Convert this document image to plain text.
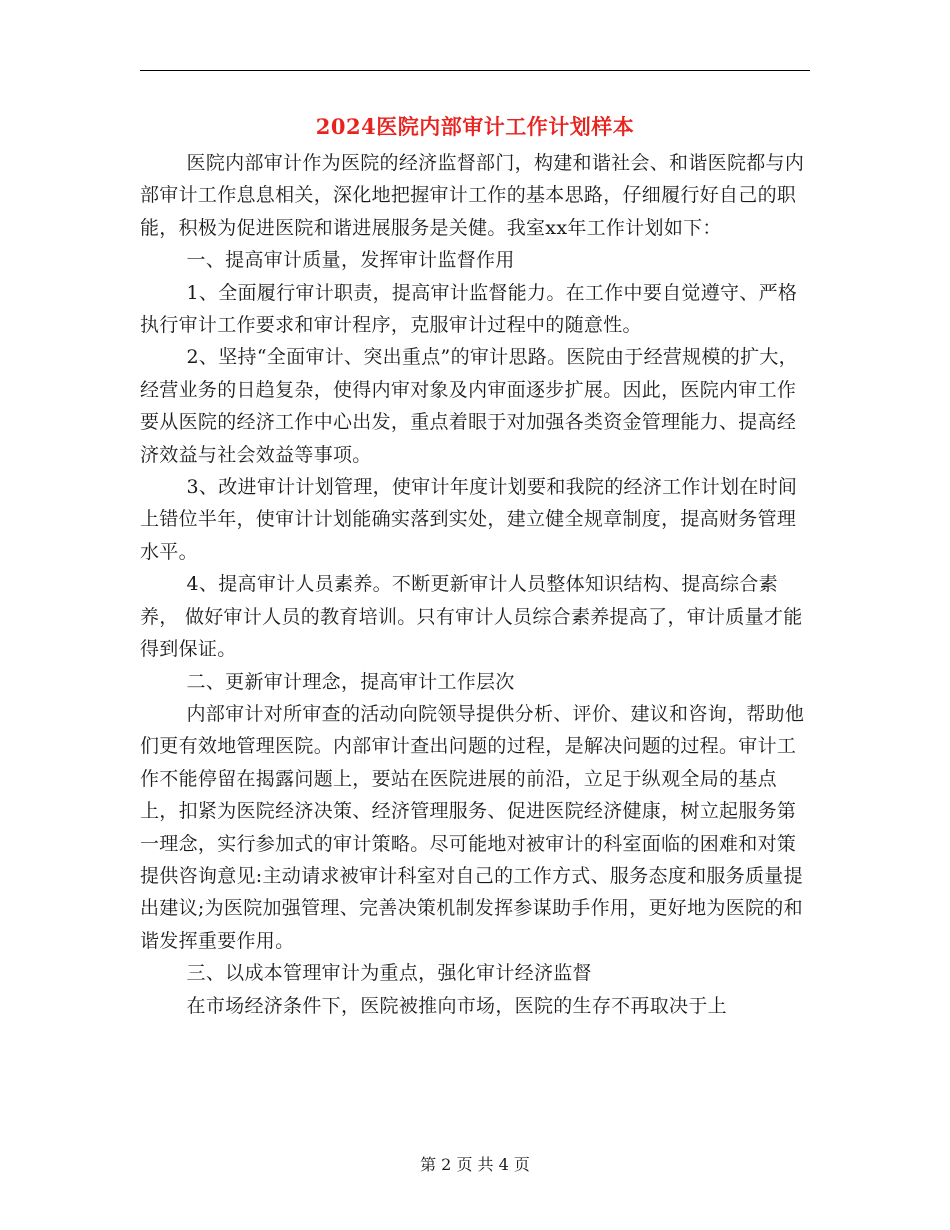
2024医院内部审计工作计划样本

医院内部审计作为医院的经济监督部门，构建和谐社会、和谐医院都与内部审计工作息息相关，深化地把握审计工作的基本思路，仔细履行好自己的职能，积极为促进医院和谐进展服务是关健。我室xx年工作计划如下：

一、提高审计质量，发挥审计监督作用

1、全面履行审计职责，提高审计监督能力。在工作中要自觉遵守、严格执行审计工作要求和审计程序，克服审计过程中的随意性。

2、坚持“全面审计、突出重点”的审计思路。医院由于经营规模的扩大，经营业务的日趋复杂，使得内审对象及内审面逐步扩展。因此，医院内审工作要从医院的经济工作中心出发，重点着眼于对加强各类资金管理能力、提高经济效益与社会效益等事项。

3、改进审计计划管理，使审计年度计划要和我院的经济工作计划在时间上错位半年，使审计计划能确实落到实处，建立健全规章制度，提高财务管理水平。

4、提高审计人员素养。不断更新审计人员整体知识结构、提高综合素养， 做好审计人员的教育培训。只有审计人员综合素养提高了，审计质量才能得到保证。

二、更新审计理念，提高审计工作层次

内部审计对所审查的活动向院领导提供分析、评价、建议和咨询，帮助他们更有效地管理医院。内部审计查出问题的过程，是解决问题的过程。审计工作不能停留在揭露问题上，要站在医院进展的前沿，立足于纵观全局的基点上，扣紧为医院经济决策、经济管理服务、促进医院经济健康，树立起服务第一理念，实行参加式的审计策略。尽可能地对被审计的科室面临的困难和对策提供咨询意见:主动请求被审计科室对自己的工作方式、服务态度和服务质量提出建议;为医院加强管理、完善决策机制发挥参谋助手作用，更好地为医院的和谐发挥重要作用。

三、以成本管理审计为重点，强化审计经济监督

在市场经济条件下，医院被推向市场，医院的生存不再取决于上

第 2 页 共 4 页
